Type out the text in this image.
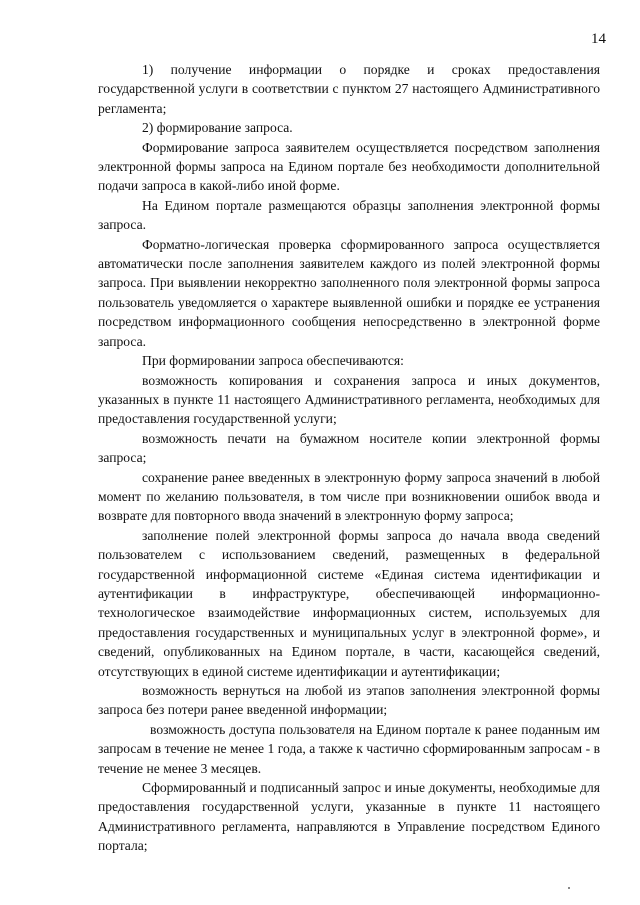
14

1) получение информации о порядке и сроках предоставления государственной услуги в соответствии с пунктом 27 настоящего Административного регламента;

2) формирование запроса.

Формирование запроса заявителем осуществляется посредством заполнения электронной формы запроса на Едином портале без необходимости дополнительной подачи запроса в какой-либо иной форме.

На Едином портале размещаются образцы заполнения электронной формы запроса.

Форматно-логическая проверка сформированного запроса осуществляется автоматически после заполнения заявителем каждого из полей электронной формы запроса. При выявлении некорректно заполненного поля электронной формы запроса пользователь уведомляется о характере выявленной ошибки и порядке ее устранения посредством информационного сообщения непосредственно в электронной форме запроса.

При формировании запроса обеспечиваются:

возможность копирования и сохранения запроса и иных документов, указанных в пункте 11 настоящего Административного регламента, необходимых для предоставления государственной услуги;

возможность печати на бумажном носителе копии электронной формы запроса;

сохранение ранее введенных в электронную форму запроса значений в любой момент по желанию пользователя, в том числе при возникновении ошибок ввода и возврате для повторного ввода значений в электронную форму запроса;

заполнение полей электронной формы запроса до начала ввода сведений пользователем с использованием сведений, размещенных в федеральной государственной информационной системе «Единая система идентификации и аутентификации в инфраструктуре, обеспечивающей информационно-технологическое взаимодействие информационных систем, используемых для предоставления государственных и муниципальных услуг в электронной форме», и сведений, опубликованных на Едином портале, в части, касающейся сведений, отсутствующих в единой системе идентификации и аутентификации;

возможность вернуться на любой из этапов заполнения электронной формы запроса без потери ранее введенной информации;

возможность доступа пользователя на Едином портале к ранее поданным им запросам в течение не менее 1 года, а также к частично сформированным запросам - в течение не менее 3 месяцев.

Сформированный и подписанный запрос и иные документы, необходимые для предоставления государственной услуги, указанные в пункте 11 настоящего Административного регламента, направляются в Управление посредством Единого портала;
